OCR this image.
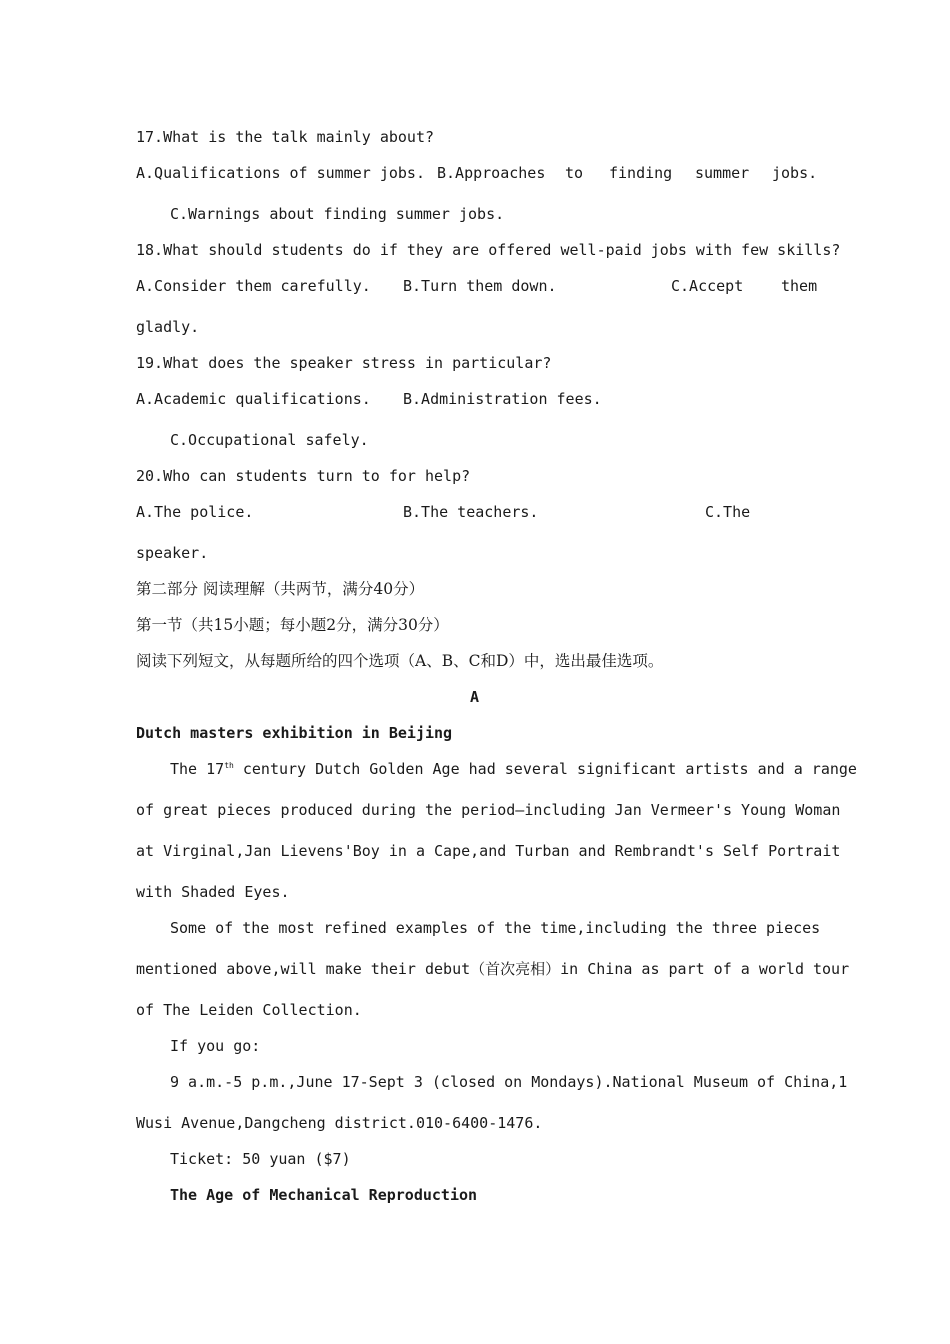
17.What is the talk mainly about?
A.Qualifications of summer jobs. B.Approaches to finding summer jobs.
C.Warnings about finding summer jobs.
18.What should students do if they are offered well-paid jobs with few skills?
A.Consider them carefully. B.Turn them down.	C.Accept	them
gladly.
19.What does the speaker stress in particular?
A.Academic qualifications. B.Administration fees.
C.Occupational safely.
20.Who can students turn to for help?
A.The police.	B.The teachers.	C.The
speaker.
第二部分 阅读理解（共两节，满分40分）
第一节（共15小题；每小题2分，满分30分）
阅读下列短文，从每题所给的四个选项（A、B、C和D）中，选出最佳选项。
A
Dutch masters exhibition in Beijing
The 17th century Dutch Golden Age had several significant artists and a range
of great pieces produced during the period—including Jan Vermeer's Young Woman
at Virginal,Jan Lievens'Boy in a Cape,and Turban and Rembrandt's Self Portrait
with Shaded Eyes.
Some of the most refined examples of the time,including the three pieces
mentioned above,will make their debut（首次亮相）in China as part of a world tour
of The Leiden Collection.
If you go:
9 a.m.-5 p.m.,June 17-Sept 3 (closed on Mondays).National Museum of China,1
Wusi Avenue,Dangcheng district.010-6400-1476.
Ticket: 50 yuan ($7)
The Age of Mechanical Reproduction
